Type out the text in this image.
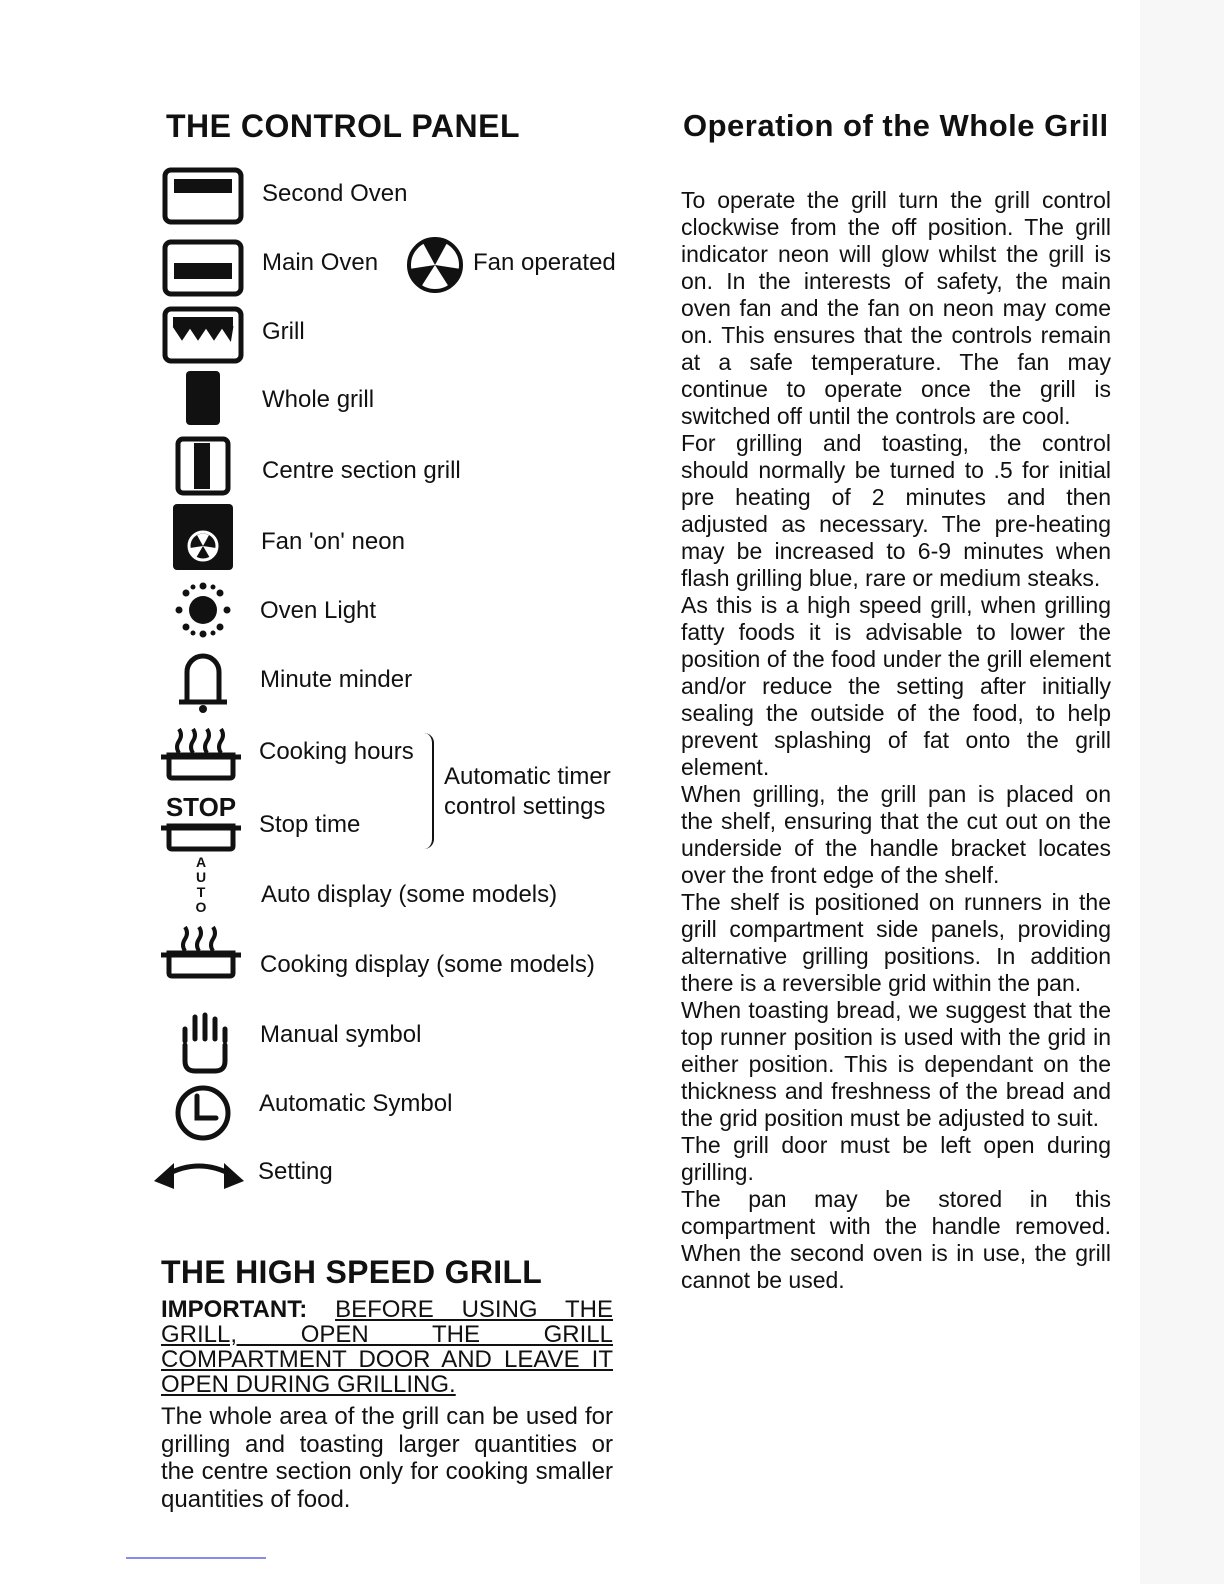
THE CONTROL PANEL
Second Oven
Main Oven	Fan operated
Grill
Whole grill
Centre section grill
Fan 'on' neon
Oven Light
Minute minder
Cooking hours
STOP
Stop time
Automatic timer control settings
AUTO Auto display (some models)
Cooking display (some models)
Manual symbol
Automatic Symbol
Setting
THE HIGH SPEED GRILL
IMPORTANT: BEFORE USING THE GRILL, OPEN THE GRILL COMPARTMENT DOOR AND LEAVE IT OPEN DURING GRILLING.

The whole area of the grill can be used for grilling and toasting larger quantities or the centre section only for cooking smaller quantities of food.

Operation of the Whole Grill

To operate the grill turn the grill control clockwise from the off position. The grill indicator neon will glow whilst the grill is on. In the interests of safety, the main oven fan and the fan on neon may come on. This ensures that the controls remain at a safe temperature. The fan may continue to operate once the grill is switched off until the controls are cool.

For grilling and toasting, the control should normally be turned to .5 for initial pre heating of 2 minutes and then adjusted as necessary. The pre-heating may be increased to 6-9 minutes when flash grilling blue, rare or medium steaks.

As this is a high speed grill, when grilling fatty foods it is advisable to lower the position of the food under the grill element and/or reduce the setting after initially sealing the outside of the food, to help prevent splashing of fat onto the grill element.

When grilling, the grill pan is placed on the shelf, ensuring that the cut out on the underside of the handle bracket locates over the front edge of the shelf.

The shelf is positioned on runners in the grill compartment side panels, providing alternative grilling positions. In addition there is a reversible grid within the pan.

When toasting bread, we suggest that the top runner position is used with the grid in either position. This is dependant on the thickness and freshness of the bread and the grid position must be adjusted to suit.

The grill door must be left open during grilling.

The pan may be stored in this compartment with the handle removed. When the second oven is in use, the grill cannot be used.
